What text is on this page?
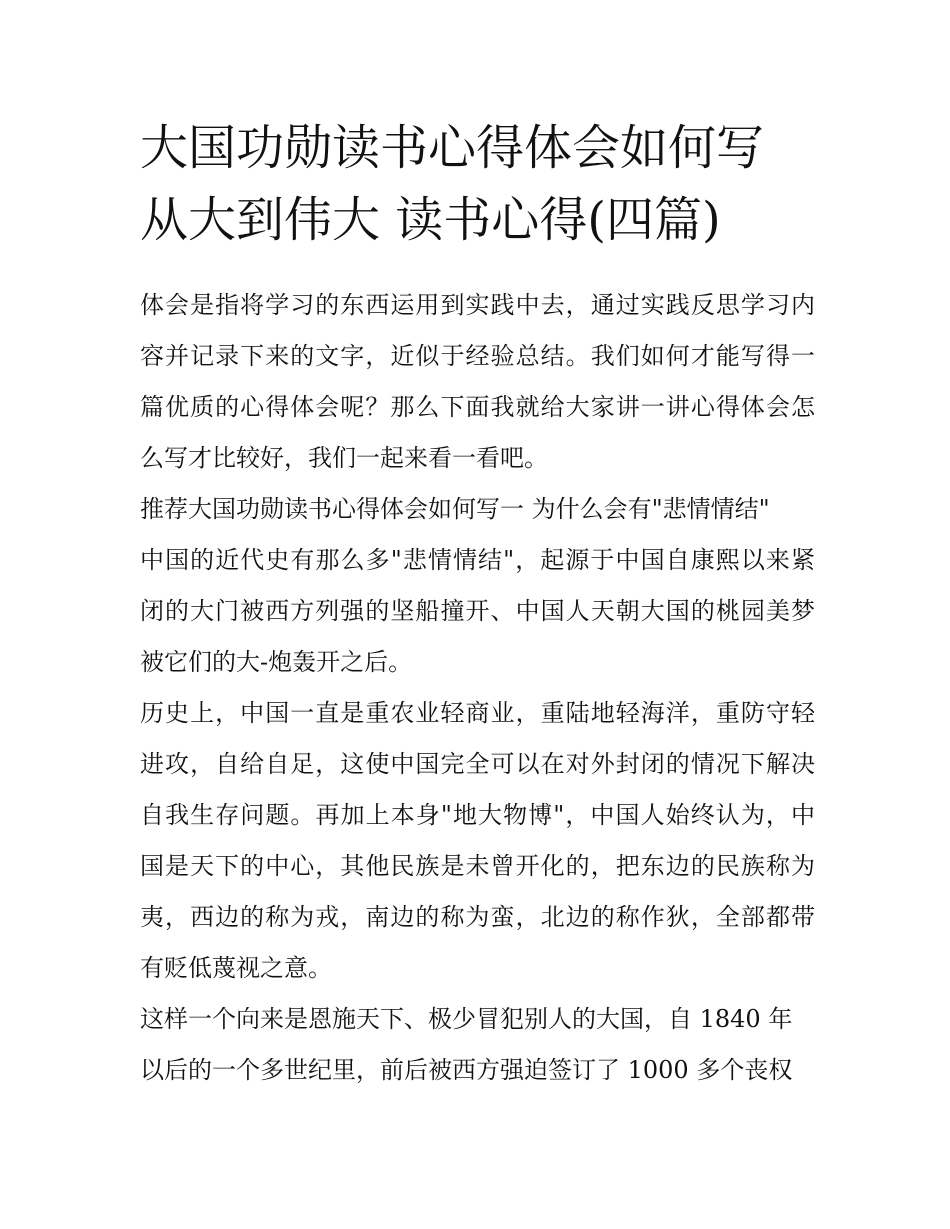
大国功勋读书心得体会如何写
从大到伟大 读书心得(四篇)
体会是指将学习的东西运用到实践中去，通过实践反思学习内
容并记录下来的文字，近似于经验总结。我们如何才能写得一
篇优质的心得体会呢？那么下面我就给大家讲一讲心得体会怎
么写才比较好，我们一起来看一看吧。
推荐大国功勋读书心得体会如何写一 为什么会有"悲情情结"
中国的近代史有那么多"悲情情结"，起源于中国自康熙以来紧
闭的大门被西方列强的坚船撞开、中国人天朝大国的桃园美梦
被它们的大-炮轰开之后。
历史上，中国一直是重农业轻商业，重陆地轻海洋，重防守轻
进攻，自给自足，这使中国完全可以在对外封闭的情况下解决
自我生存问题。再加上本身"地大物博"，中国人始终认为，中
国是天下的中心，其他民族是未曾开化的，把东边的民族称为
夷，西边的称为戎，南边的称为蛮，北边的称作狄，全部都带
有贬低蔑视之意。
这样一个向来是恩施天下、极少冒犯别人的大国，自 1840 年
以后的一个多世纪里，前后被西方强迫签订了 1000 多个丧权
